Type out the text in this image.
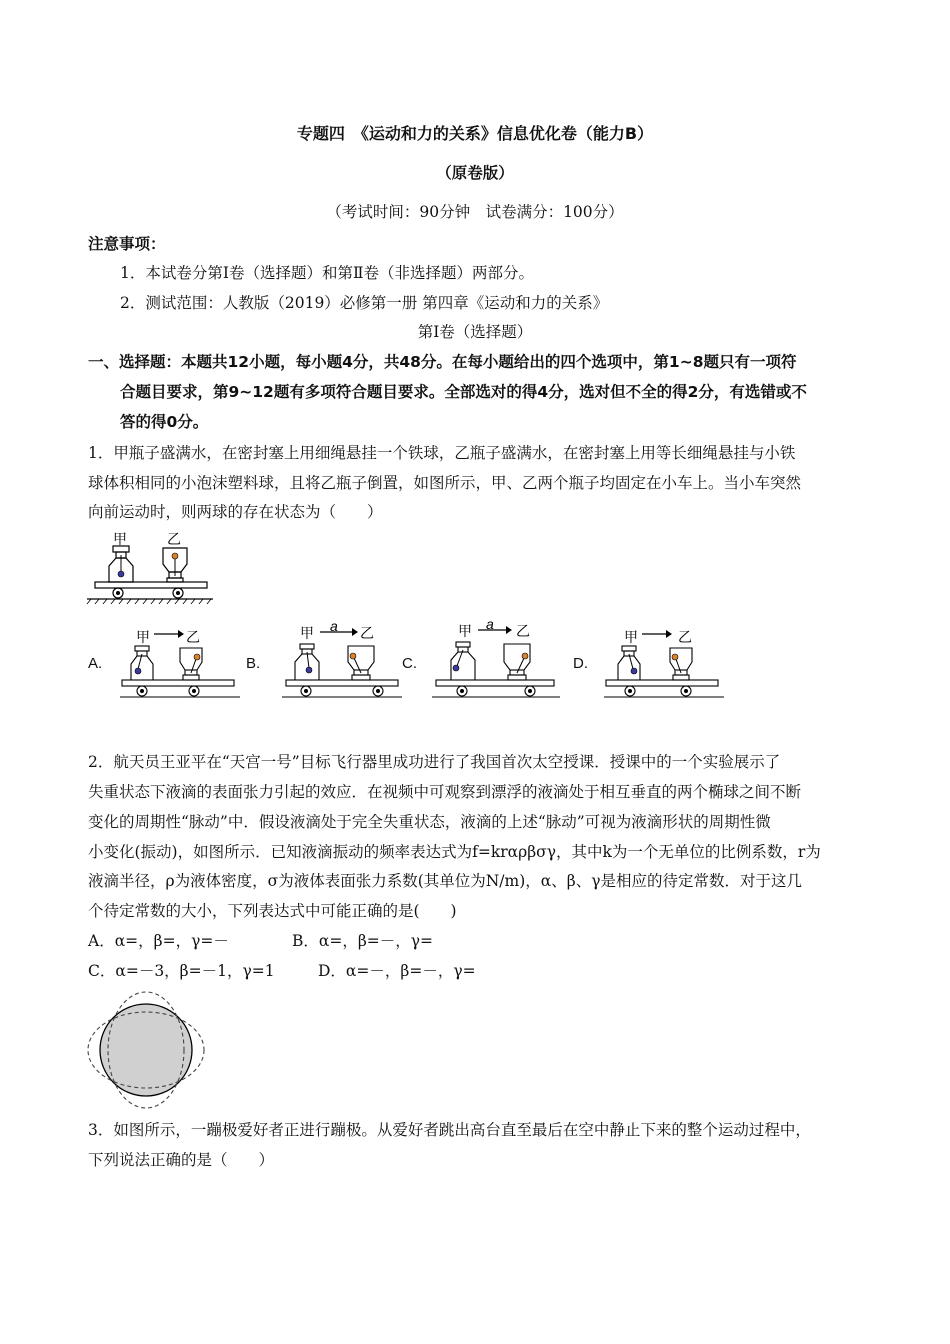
专题四　《运动和力的关系》信息优化卷（能力B）
（原卷版）
（考试时间：90分钟　试卷满分：100分）
注意事项：
1．本试卷分第Ⅰ卷（选择题）和第Ⅱ卷（非选择题）两部分。
2．测试范围：人教版（2019）必修第一册 第四章《运动和力的关系》
第Ⅰ卷（选择题）
一、选择题：本题共12小题，每小题4分，共48分。在每小题给出的四个选项中，第1~8题只有一项符
合题目要求，第9~12题有多项符合题目要求。全部选对的得4分，选对但不全的得2分，有选错或不
答的得0分。
1．甲瓶子盛满水，在密封塞上用细绳悬挂一个铁球，乙瓶子盛满水，在密封塞上用等长细绳悬挂与小铁
球体积相同的小泡沫塑料球，且将乙瓶子倒置，如图所示，甲、乙两个瓶子均固定在小车上。当小车突然
向前运动时，则两球的存在状态为（　　）
甲	乙
A.
甲	乙
B.
甲 a 乙
C.
甲 a 乙
D.
甲	乙
2．航天员王亚平在“天宫一号”目标飞行器里成功进行了我国首次太空授课．授课中的一个实验展示了
失重状态下液滴的表面张力引起的效应．在视频中可观察到漂浮的液滴处于相互垂直的两个椭球之间不断
变化的周期性“脉动”中．假设液滴处于完全失重状态，液滴的上述“脉动”可视为液滴形状的周期性微
小变化(振动)，如图所示．已知液滴振动的频率表达式为f=krαρβσγ，其中k为一个无单位的比例系数，r为
液滴半径，ρ为液体密度，σ为液体表面张力系数(其单位为N/m)，α、β、γ是相应的待定常数．对于这几
个待定常数的大小，下列表达式中可能正确的是(　　)
A．α=，β=，γ=－	B．α=，β=－，γ=
C．α=－3，β=－1，γ=1	D．α=－，β=－，γ=
3．如图所示，一蹦极爱好者正进行蹦极。从爱好者跳出高台直至最后在空中静止下来的整个运动过程中，
下列说法正确的是（　　）
